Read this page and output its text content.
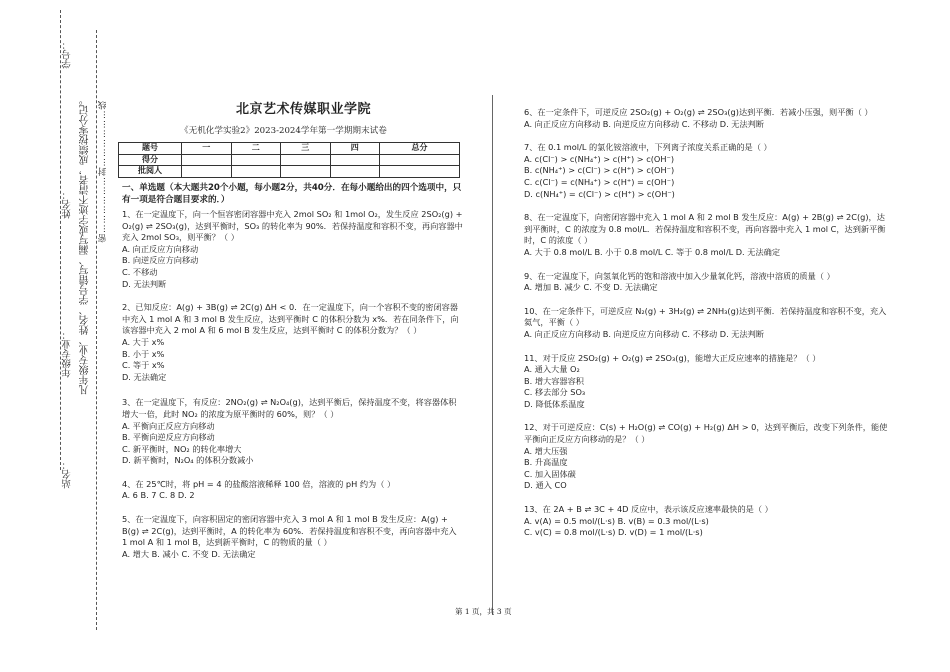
学号：
姓名：
年级专业：
站名：
凡年级专业、姓名、学号错写、漏写或字迹不清者，成绩按零分记。 密………………封………………线	北京艺术传媒职业学院
《无机化学实验2》2023-2024学年第一学期期末试卷
题号	一	二	三	四	总分
得分					
批阅人					

一、单选题（本大题共20个小题，每小题2分，共40分．在每小题给出的四个选项中，只有一项是符合题目要求的．）

1、在一定温度下，向一个恒容密闭容器中充入 2mol SO₂ 和 1mol O₂，发生反应 2SO₂(g) + O₂(g) ⇌ 2SO₃(g)，达到平衡时，SO₃ 的转化率为 90%．若保持温度和容积不变，再向容器中充入 2mol SO₃，则平衡？（ ）

A. 向正反应方向移动

B. 向逆反应方向移动

C. 不移动

D. 无法判断

2、已知反应：A(g) + 3B(g) ⇌ 2C(g) ΔH < 0．在一定温度下，向一个容积不变的密闭容器中充入 1 mol A 和 3 mol B 发生反应，达到平衡时 C 的体积分数为 x%．若在同条件下，向该容器中充入 2 mol A 和 6 mol B 发生反应，达到平衡时 C 的体积分数为？（ ）

A. 大于 x%

B. 小于 x%

C. 等于 x%

D. 无法确定

3、在一定温度下，有反应：2NO₂(g) ⇌ N₂O₄(g)，达到平衡后，保持温度不变，将容器体积增大一倍，此时 NO₂ 的浓度为原平衡时的 60%，则？（ ）

A. 平衡向正反应方向移动

B. 平衡向逆反应方向移动

C. 新平衡时，NO₂ 的转化率增大

D. 新平衡时，N₂O₄ 的体积分数减小

4、在 25℃时，将 pH = 4 的盐酸溶液稀释 100 倍，溶液的 pH 约为（ ）

A. 6 B. 7 C. 8 D. 2

5、在一定温度下，向容积固定的密闭容器中充入 3 mol A 和 1 mol B 发生反应：A(g) + B(g) ⇌ 2C(g)，达到平衡时，A 的转化率为 60%．若保持温度和容积不变，再向容器中充入 1 mol A 和 1 mol B，达到新平衡时，C 的物质的量（ ）

A. 增大 B. 减小 C. 不变 D. 无法确定

6、在一定条件下，可逆反应 2SO₂(g) + O₂(g) ⇌ 2SO₃(g)达到平衡．若减小压强，则平衡（ ）

A. 向正反应方向移动 B. 向逆反应方向移动 C. 不移动 D. 无法判断

7、在 0.1 mol/L 的氯化铵溶液中，下列离子浓度关系正确的是（ ）

A. c(Cl⁻) > c(NH₄⁺) > c(H⁺) > c(OH⁻)

B. c(NH₄⁺) > c(Cl⁻) > c(H⁺) > c(OH⁻)

C. c(Cl⁻) = c(NH₄⁺) > c(H⁺) = c(OH⁻)

D. c(NH₄⁺) = c(Cl⁻) > c(H⁺) > c(OH⁻)

8、在一定温度下，向密闭容器中充入 1 mol A 和 2 mol B 发生反应：A(g) + 2B(g) ⇌ 2C(g)，达到平衡时，C 的浓度为 0.8 mol/L．若保持温度和容积不变，再向容器中充入 1 mol C，达到新平衡时，C 的浓度（ ）

A. 大于 0.8 mol/L B. 小于 0.8 mol/L C. 等于 0.8 mol/L D. 无法确定

9、在一定温度下，向氢氧化钙的饱和溶液中加入少量氧化钙，溶液中溶质的质量（ ）

A. 增加 B. 减少 C. 不变 D. 无法确定

10、在一定条件下，可逆反应 N₂(g) + 3H₂(g) ⇌ 2NH₃(g)达到平衡．若保持温度和容积不变，充入氦气，平衡（ ）

A. 向正反应方向移动 B. 向逆反应方向移动 C. 不移动 D. 无法判断

11、对于反应 2SO₂(g) + O₂(g) ⇌ 2SO₃(g)，能增大正反应速率的措施是？（ ）

A. 通入大量 O₂

B. 增大容器容积

C. 移去部分 SO₃

D. 降低体系温度

12、对于可逆反应：C(s) + H₂O(g) ⇌ CO(g) + H₂(g) ΔH > 0，达到平衡后，改变下列条件，能使平衡向正反应方向移动的是？（ ）

A. 增大压强

B. 升高温度

C. 加入固体碳

D. 通入 CO

13、在 2A + B ⇌ 3C + 4D 反应中，表示该反应速率最快的是（ ）

A. v(A) = 0.5 mol/(L·s) B. v(B) = 0.3 mol/(L·s)

C. v(C) = 0.8 mol/(L·s) D. v(D) = 1 mol/(L·s)

第 1 页，共 3 页
